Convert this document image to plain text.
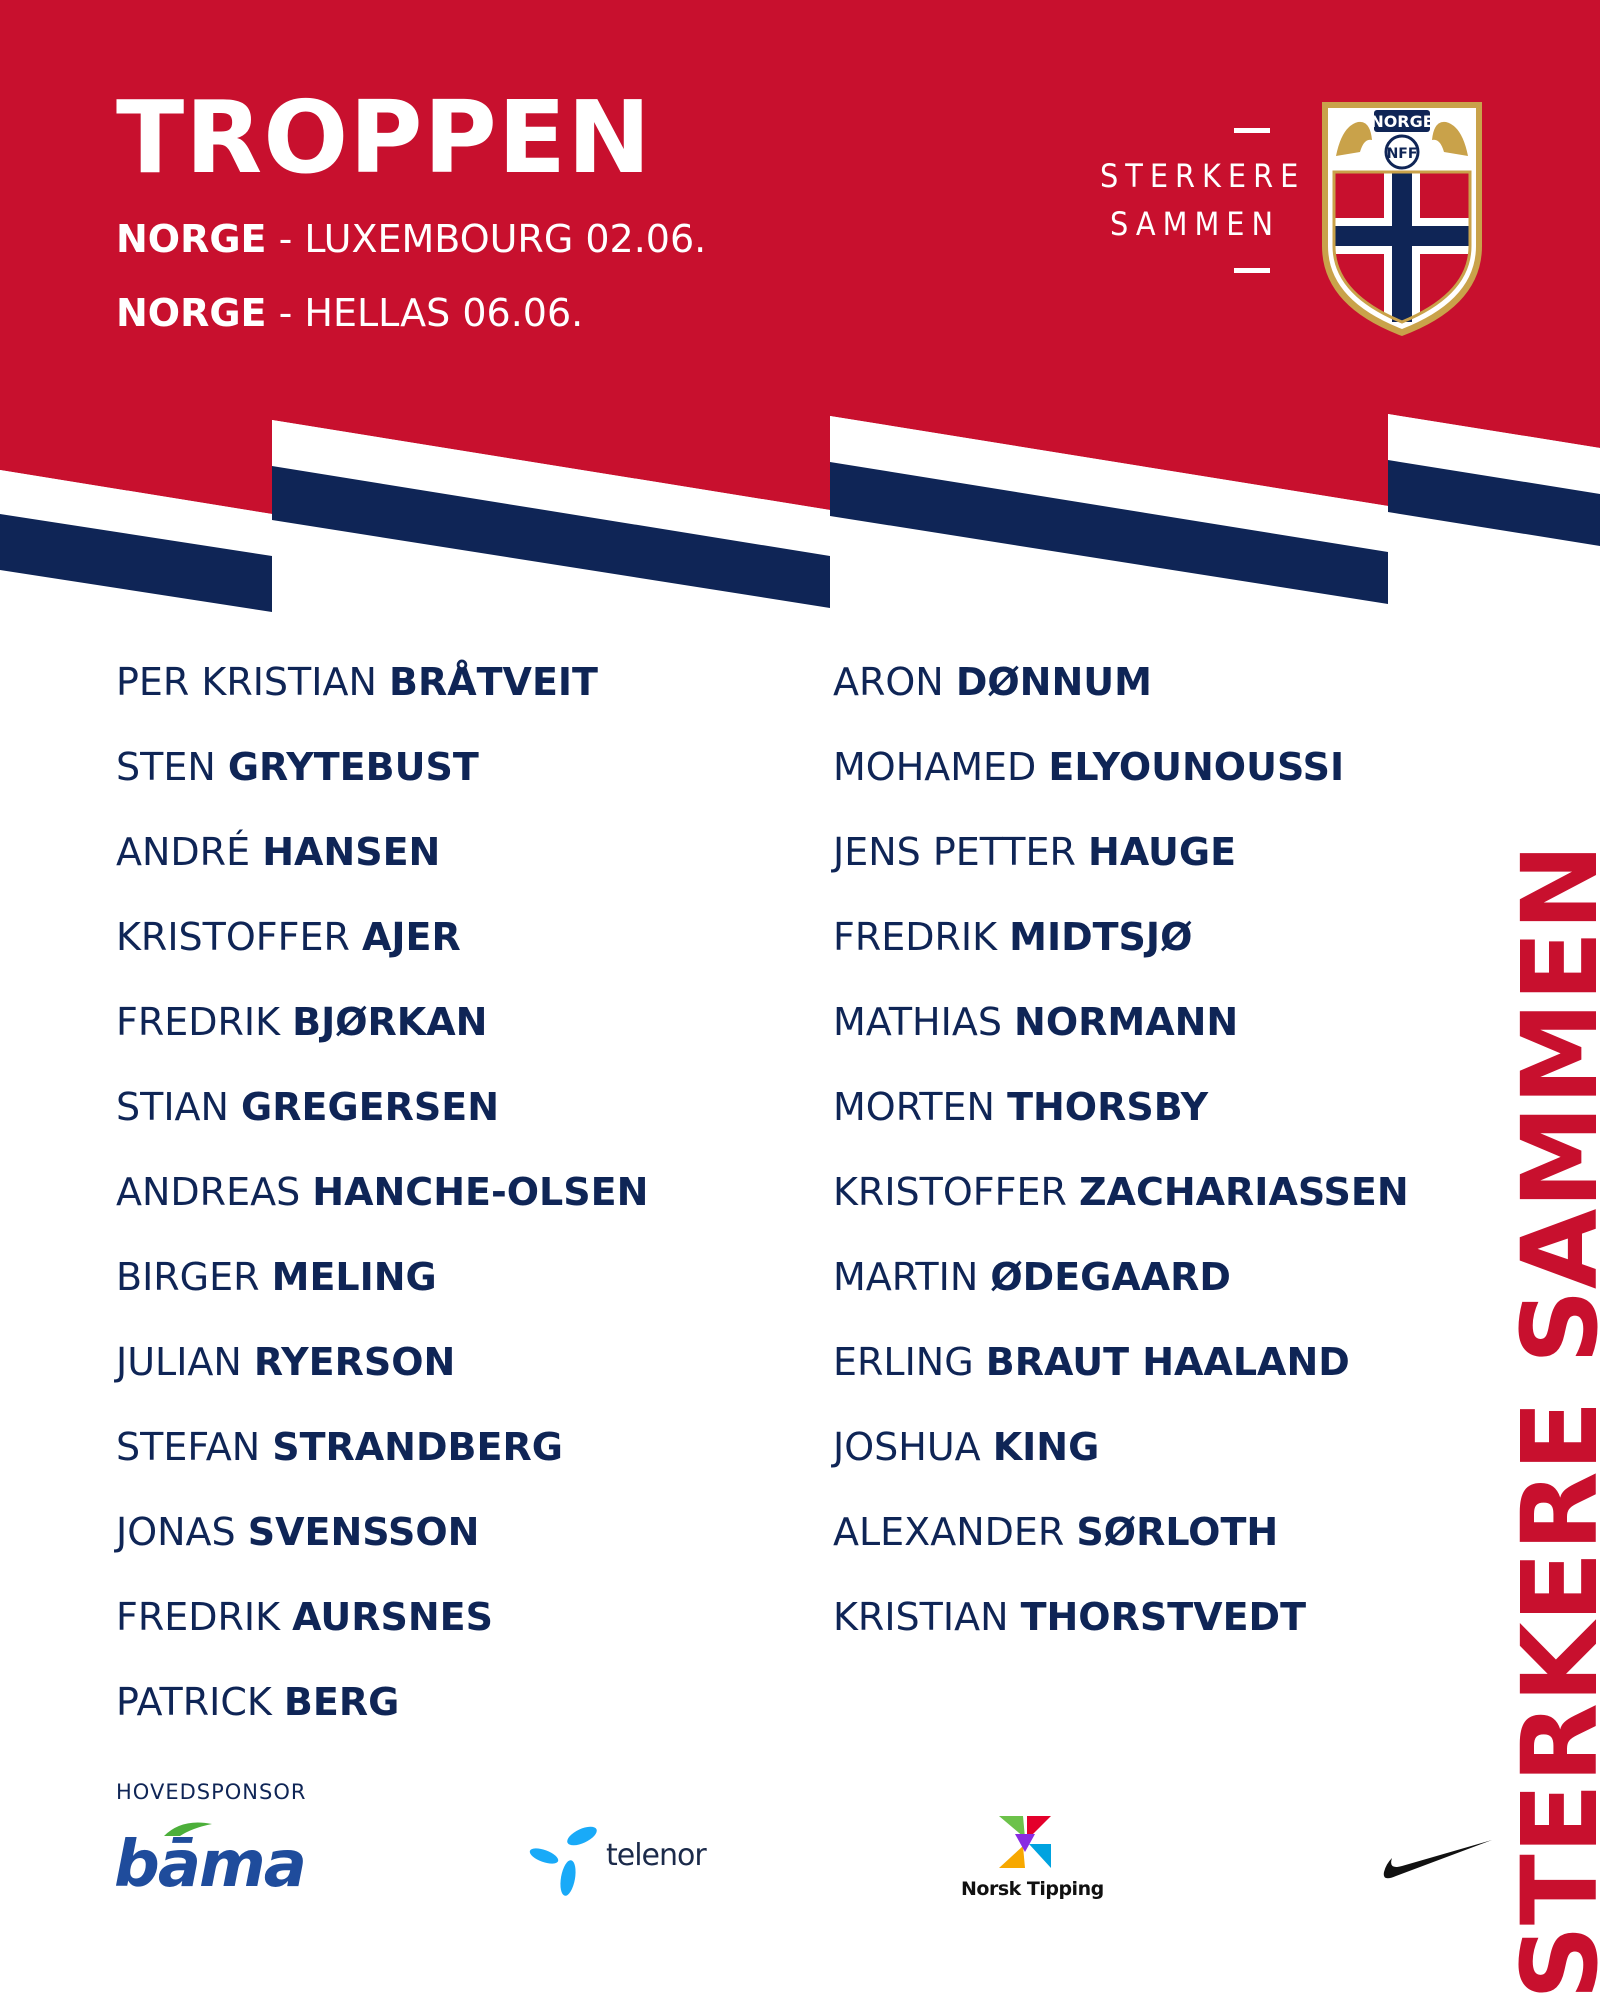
TROPPEN
NORGE - LUXEMBOURG 02.06.
NORGE - HELLAS 06.06.
STERKERE
SAMMEN
NORGE
NFF
PER KRISTIAN BRÅTVEIT
STEN GRYTEBUST
ANDRÉ HANSEN
KRISTOFFER AJER
FREDRIK BJØRKAN
STIAN GREGERSEN
ANDREAS HANCHE-OLSEN
BIRGER MELING
JULIAN RYERSON
STEFAN STRANDBERG
JONAS SVENSSON
FREDRIK AURSNES
PATRICK BERG
ARON DØNNUM
MOHAMED ELYOUNOUSSI
JENS PETTER HAUGE
FREDRIK MIDTSJØ
MATHIAS NORMANN
MORTEN THORSBY
KRISTOFFER ZACHARIASSEN
MARTIN ØDEGAARD
ERLING BRAUT HAALAND
JOSHUA KING
ALEXANDER SØRLOTH
KRISTIAN THORSTVEDT
HOVEDSPONSOR
bāma	telenor
Norsk Tipping	STERKERE SAMMEN
